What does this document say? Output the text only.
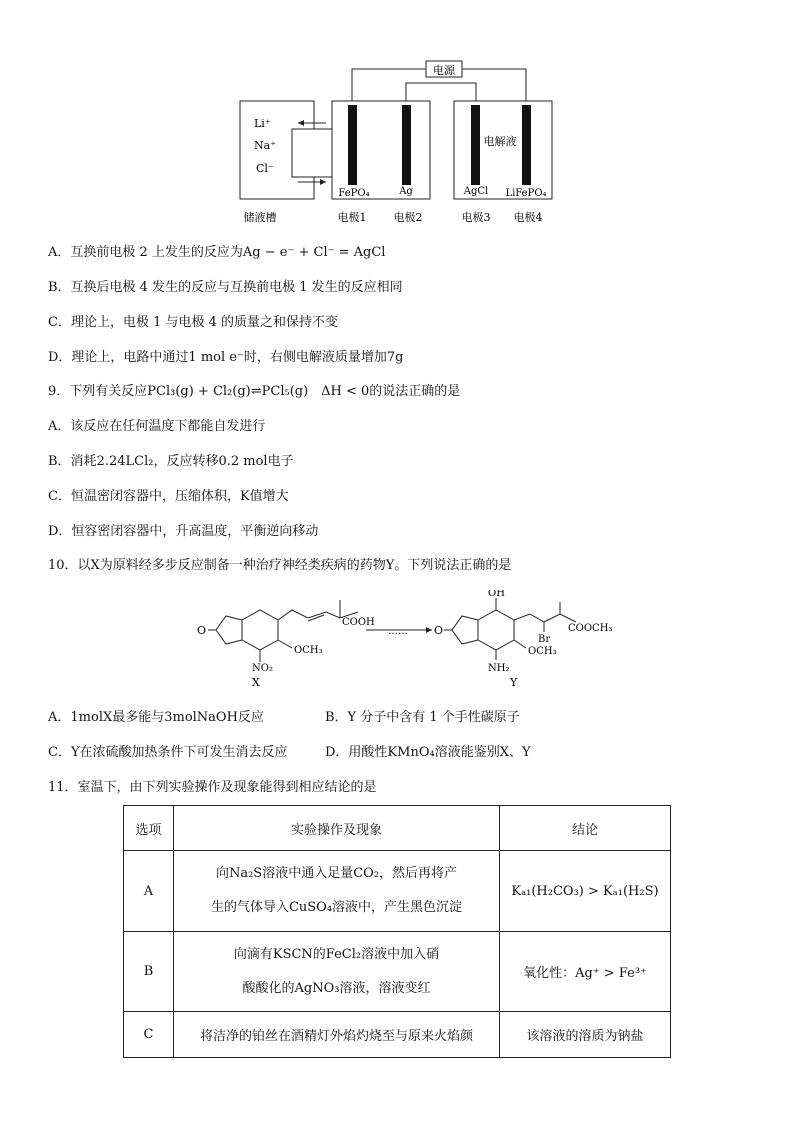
电源
Li⁺
Na⁺
Cl⁻
FePO₄	Ag
电解液
AgCl LiFePO₄
储液槽	电极1 电极2	电极3 电极4
A．互换前电极 2 上发生的反应为Ag − e⁻ + Cl⁻ = AgCl
B．互换后电极 4 发生的反应与互换前电极 1 发生的反应相同
C．理论上，电极 1 与电极 4 的质量之和保持不变
D．理论上，电路中通过1 mol e⁻时，右侧电解液质量增加7g
9．下列有关反应PCl₃(g) + Cl₂(g)⇌PCl₅(g)　ΔH < 0的说法正确的是
A．该反应在任何温度下都能自发进行
B．消耗2.24LCl₂，反应转移0.2 mol电子
C．恒温密闭容器中，压缩体积，K值增大
D．恒容密闭容器中，升高温度，平衡逆向移动
10．以X为原料经多步反应制备一种治疗神经类疾病的药物Y。下列说法正确的是
O
COOH
OCH₃
NO₂
X
…… O
OH
Br
COOCH₃
OCH₃
NH₂
Y
A．1molX最多能与3molNaOH反应	B．Y 分子中含有 1 个手性碳原子
C．Y在浓硫酸加热条件下可发生消去反应	D．用酸性KMnO₄溶液能鉴别X、Y
11．室温下，由下列实验操作及现象能得到相应结论的是
选项	实验操作及现象	结论
A	向Na₂S溶液中通入足量CO₂，然后再将产
生的气体导入CuSO₄溶液中，产生黑色沉淀	Kₐ₁(H₂CO₃) > Kₐ₁(H₂S)
B	向滴有KSCN的FeCl₂溶液中加入硝
酸酸化的AgNO₃溶液，溶液变红	氧化性：Ag⁺ > Fe³⁺
C	将洁净的铂丝在酒精灯外焰灼烧至与原来火焰颜	该溶液的溶质为钠盐
